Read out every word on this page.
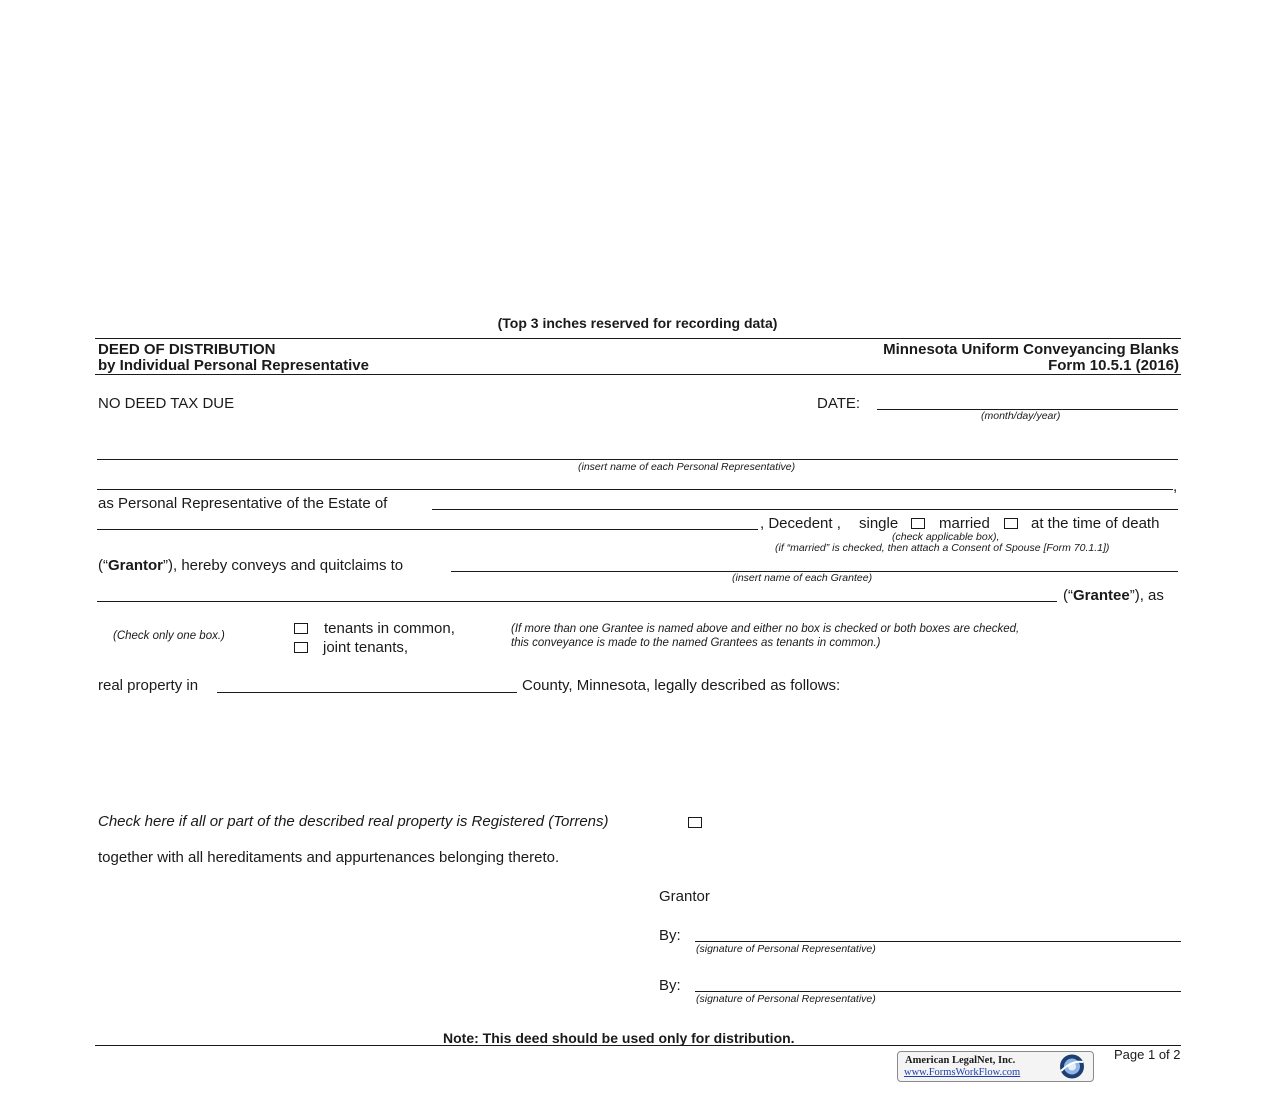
(Top 3 inches reserved for recording data)
DEED OF DISTRIBUTION
by Individual Personal Representative
Minnesota Uniform Conveyancing Blanks
Form 10.5.1 (2016)
NO DEED TAX DUE	DATE:
(month/day/year)
(insert name of each Personal Representative)
,
as Personal Representative of the Estate of
, Decedent , single	married	at the time of death
(check applicable box),
(if “married” is checked, then attach a Consent of Spouse [Form 70.1.1])
(“Grantor”), hereby conveys and quitclaims to
(insert name of each Grantee)
(“Grantee”), as
(Check only one box.)	tenants in common,
joint tenants,
(If more than one Grantee is named above and either no box is checked or both boxes are checked,
this conveyance is made to the named Grantees as tenants in common.)
real property in	County, Minnesota, legally described as follows:
Check here if all or part of the described real property is Registered (Torrens)
together with all hereditaments and appurtenances belonging thereto.
Grantor
By:
(signature of Personal Representative)
By:
(signature of Personal Representative)
Note: This deed should be used only for distribution.
Page 1 of 2
American LegalNet, Inc.
www.FormsWorkFlow.com
